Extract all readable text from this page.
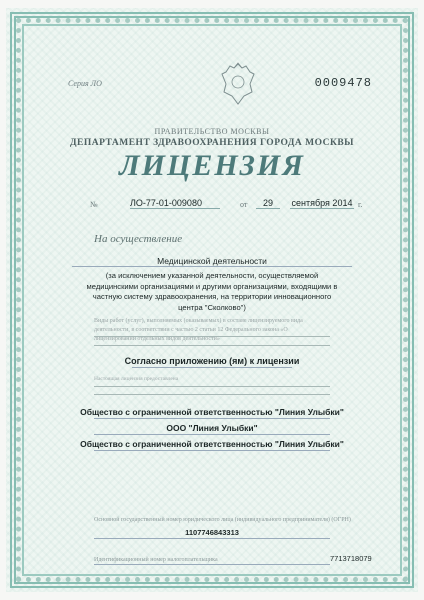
Серия ЛО	0009478
ПРАВИТЕЛЬСТВО МОСКВЫ
ДЕПАРТАМЕНТ ЗДРАВООХРАНЕНИЯ ГОРОДА МОСКВЫ
ЛИЦЕНЗИЯ
№	ЛО-77-01-009080	от	29	сентября 2014 г.
На осуществление
Медицинской деятельности
(за исключением указанной деятельности, осуществляемой медицинскими организациями и другими организациями, входящими в частную систему здравоохранения, на территории инновационного центра "Сколково")
Виды работ (услуг), выполняемых (оказываемых) в составе лицензируемого вида деятельности, в соответствии с частью 2 статьи 12 Федерального закона «О лицензировании отдельных видов деятельности»
Согласно приложению (ям) к лицензии
Настоящая лицензия предоставлена
Общество с ограниченной ответственностью "Линия Улыбки"
ООО "Линия Улыбки"
Общество с ограниченной ответственностью "Линия Улыбки"
Основной государственный номер юридического лица (индивидуального предпринимателя) (ОГРН)
1107746843313
Идентификационный номер налогоплательщика	7713718079
